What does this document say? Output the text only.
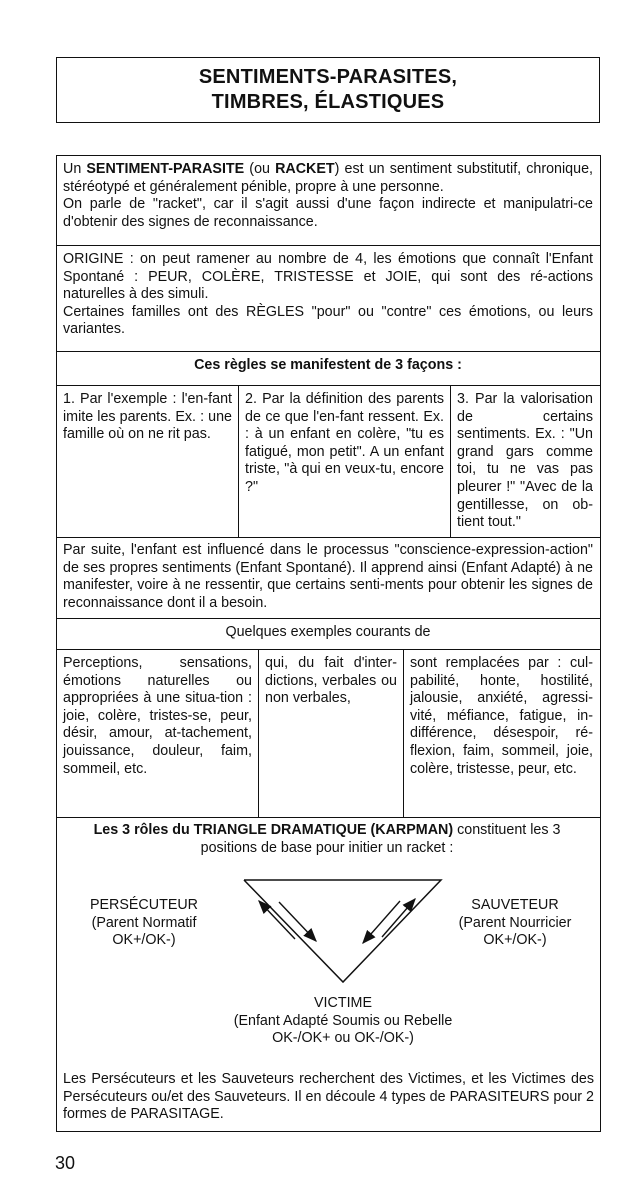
SENTIMENTS-PARASITES,
TIMBRES, ÉLASTIQUES

Un SENTIMENT-PARASITE (ou RACKET) est un sentiment substitutif, chronique, stéréotypé et généralement pénible, propre à une personne.

On parle de "racket", car il s'agit aussi d'une façon indirecte et manipulatri-ce d'obtenir des signes de reconnaissance.

ORIGINE : on peut ramener au nombre de 4, les émotions que connaît l'Enfant Spontané : PEUR, COLÈRE, TRISTESSE et JOIE, qui sont des ré-actions naturelles à des simuli.

Certaines familles ont des RÈGLES "pour" ou "contre" ces émotions, ou leurs variantes.

Ces règles se manifestent de 3 façons :
1. Par l'exemple : l'en-fant imite les parents. Ex. : une famille où on ne rit pas.
2. Par la définition des parents de ce que l'en-fant ressent. Ex. : à un enfant en colère, "tu es fatigué, mon petit". A un enfant triste, "à qui en veux-tu, encore ?"
3. Par la valorisation de certains sentiments. Ex. : "Un grand gars comme toi, tu ne vas pas pleurer !" "Avec de la gentillesse, on ob-tient tout."

Par suite, l'enfant est influencé dans le processus "conscience-expression-action" de ses propres sentiments (Enfant Spontané). Il apprend ainsi (Enfant Adapté) à ne manifester, voire à ne ressentir, que certains senti-ments pour obtenir les signes de reconnaissance dont il a besoin.

Quelques exemples courants de
Perceptions, sensations, émotions naturelles ou appropriées à une situa-tion : joie, colère, tristes-se, peur, désir, amour, at-tachement, jouissance, douleur, faim, sommeil, etc.
qui, du fait d'inter-dictions, verbales ou non verbales,
sont remplacées par : cul-pabilité, honte, hostilité, jalousie, anxiété, agressi-vité, méfiance, fatigue, in-différence, désespoir, ré-flexion, faim, sommeil, joie, colère, tristesse, peur, etc.
Les 3 rôles du TRIANGLE DRAMATIQUE (KARPMAN) constituent les 3 positions de base pour initier un racket :
PERSÉCUTEUR
(Parent Normatif
OK+/OK-)
SAUVETEUR
(Parent Nourricier
OK+/OK-)
VICTIME
(Enfant Adapté Soumis ou Rebelle
OK-/OK+ ou OK-/OK-)
Les Persécuteurs et les Sauveteurs recherchent des Victimes, et les Victimes des Persécuteurs ou/et des Sauveteurs. Il en découle 4 types de PARASITEURS pour 2 formes de PARASITAGE.
30
